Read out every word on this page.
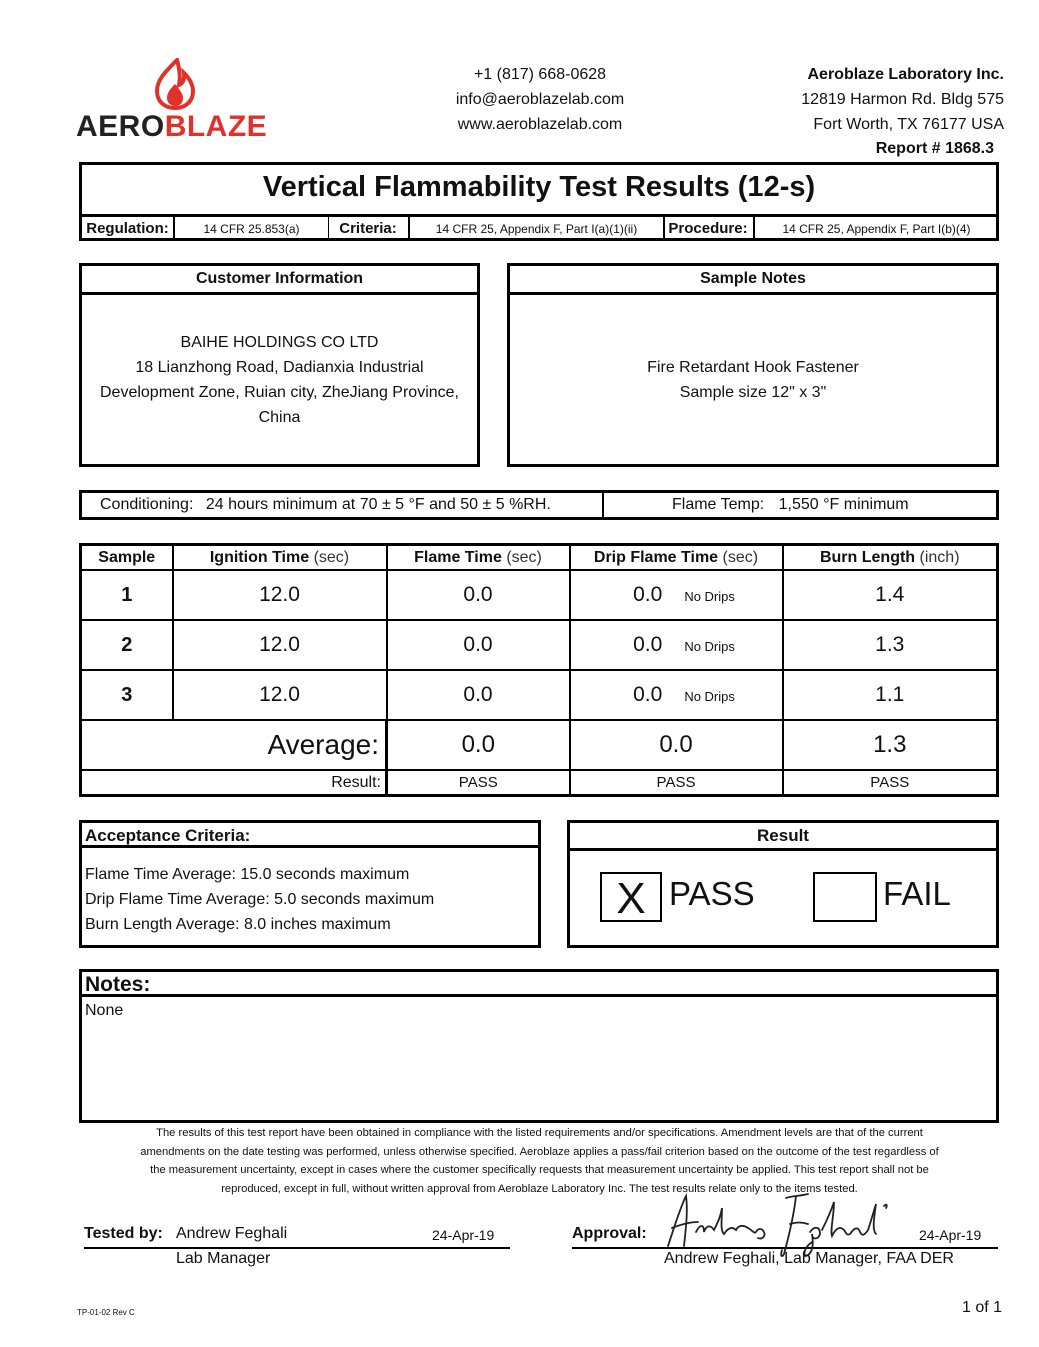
AEROBLAZE
+1 (817) 668-0628
info@aeroblazelab.com
www.aeroblazelab.com
Aeroblaze Laboratory Inc.
12819 Harmon Rd. Bldg 575
Fort Worth, TX 76177 USA
Report # 1868.3
Vertical Flammability Test Results (12-s)
Regulation:	14 CFR 25.853(a)	Criteria:	14 CFR 25, Appendix F, Part I(a)(1)(ii)	Procedure:	14 CFR 25, Appendix F, Part I(b)(4)
Customer Information
BAIHE HOLDINGS CO LTD
18 Lianzhong Road, Dadianxia Industrial
Development Zone, Ruian city, ZheJiang Province,
China
Sample Notes
Fire Retardant Hook Fastener
Sample size 12" x 3"
Conditioning: 24 hours minimum at 70 ± 5 °F and 50 ± 5 %RH.	Flame Temp: 1,550 °F minimum
Sample	Ignition Time (sec)	Flame Time (sec)	Drip Flame Time (sec)	Burn Length (inch)
1	12.0	0.0	0.0 No Drips	1.4
2	12.0	0.0	0.0 No Drips	1.3
3	12.0	0.0	0.0 No Drips	1.1
Average:		0.0	0.0	1.3
Result:		PASS	PASS	PASS
Acceptance Criteria:
Flame Time Average: 15.0 seconds maximum
Drip Flame Time Average: 5.0 seconds maximum
Burn Length Average: 8.0 inches maximum
Result
X PASS	FAIL
Notes:
None
The results of this test report have been obtained in compliance with the listed requirements and/or specifications. Amendment levels are that of the current
amendments on the date testing was performed, unless otherwise specified. Aeroblaze applies a pass/fail criterion based on the outcome of the test regardless of
the measurement uncertainty, except in cases where the customer specifically requests that measurement uncertainty be applied. This test report shall not be
reproduced, except in full, without written approval from Aeroblaze Laboratory Inc. The test results relate only to the items tested.
Tested by: Andrew Feghali	24-Apr-19
Lab Manager
Approval:	24-Apr-19
Andrew Feghali, Lab Manager, FAA DER
TP-01-02 Rev C	1 of 1
